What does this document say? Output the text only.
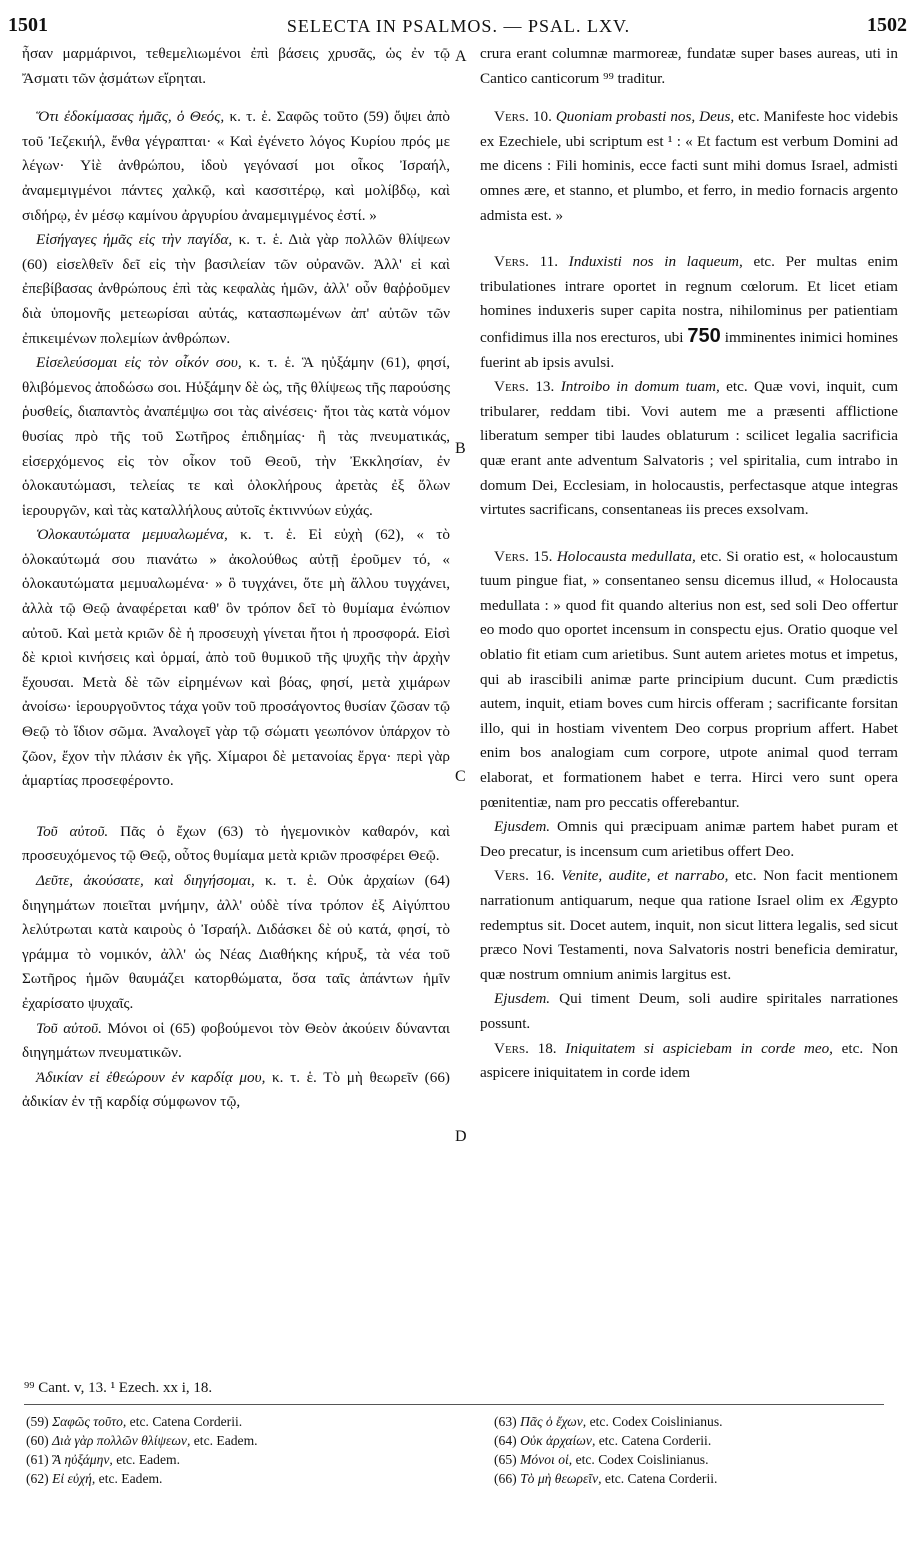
1501	SELECTA IN PSALMOS. — PSAL. LXV.	1502
A
B
C
D

ἦσαν μαρμάρινοι, τεθεμελιωμένοι ἐπὶ βάσεις χρυσᾶς, ὡς ἐν τῷ Ἄσματι τῶν ᾀσμάτων εἴρηται.

Ὅτι ἐδοκίμασας ἡμᾶς, ὁ Θεός, κ. τ. ἑ. Σαφῶς τοῦτο (59) ὄψει ἀπὸ τοῦ Ἰεζεκιήλ, ἔνθα γέγραπται· « Καὶ ἐγένετο λόγος Κυρίου πρός με λέγων· Υἱὲ ἀνθρώπου, ἰδοὺ γεγόνασί μοι οἶκος Ἰσραήλ, ἀναμεμιγμένοι πάντες χαλκῷ, καὶ κασσιτέρῳ, καὶ μολίβδῳ, καὶ σιδήρῳ, ἐν μέσῳ καμίνου ἀργυρίου ἀναμεμιγμένος ἐστί. »

Εἰσήγαγες ἡμᾶς εἰς τὴν παγίδα, κ. τ. ἑ. Διὰ γὰρ πολλῶν θλίψεων (60) εἰσελθεῖν δεῖ εἰς τὴν βασιλείαν τῶν οὐρανῶν. Ἀλλ' εἰ καὶ ἐπεβίβασας ἀνθρώπους ἐπὶ τὰς κεφαλὰς ἡμῶν, ἀλλ' οὖν θαῤῥοῦμεν διὰ ὑπομονῆς μετεωρίσαι αὐτάς, κατασπωμένων ἀπ' αὐτῶν τῶν ἐπικειμένων πολεμίων ἀνθρώπων.

Εἰσελεύσομαι εἰς τὸν οἶκόν σου, κ. τ. ἑ. Ἃ ηὐξάμην (61), φησί, θλιβόμενος ἀποδώσω σοι. Ηὐξάμην δὲ ὡς, τῆς θλίψεως τῆς παρούσης ῥυσθείς, διαπαντὸς ἀναπέμψω σοι τὰς αἰνέσεις· ἤτοι τὰς κατὰ νόμον θυσίας πρὸ τῆς τοῦ Σωτῆρος ἐπιδημίας· ἢ τὰς πνευματικάς, εἰσερχόμενος εἰς τὸν οἶκον τοῦ Θεοῦ, τὴν Ἐκκλησίαν, ἐν ὁλοκαυτώμασι, τελείας τε καὶ ὁλοκλήρους ἀρετὰς ἐξ ὅλων ἱερουργῶν, καὶ τὰς καταλλήλους αὐτοῖς ἐκτιννύων εὐχάς.

Ὁλοκαυτώματα μεμυαλωμένα, κ. τ. ἑ. Εἰ εὐχὴ (62), « τὸ ὁλοκαύτωμά σου πιανάτω » ἀκολούθως αὐτῇ ἐροῦμεν τό, « ὁλοκαυτώματα μεμυαλωμένα· » ὃ τυγχάνει, ὅτε μὴ ἄλλου τυγχάνει, ἀλλὰ τῷ Θεῷ ἀναφέρεται καθ' ὃν τρόπον δεῖ τὸ θυμίαμα ἐνώπιον αὐτοῦ. Καὶ μετὰ κριῶν δὲ ἡ προσευχὴ γίνεται ἤτοι ἡ προσφορά. Εἰσὶ δὲ κριοὶ κινήσεις καὶ ὁρμαί, ἀπὸ τοῦ θυμικοῦ τῆς ψυχῆς τὴν ἀρχὴν ἔχουσαι. Μετὰ δὲ τῶν εἰρημένων καὶ βόας, φησί, μετὰ χιμάρων ἀνοίσω· ἱερουργοῦντος τάχα γοῦν τοῦ προσάγοντος θυσίαν ζῶσαν τῷ Θεῷ τὸ ἴδιον σῶμα. Ἀναλογεῖ γὰρ τῷ σώματι γεωπόνον ὑπάρχον τὸ ζῶον, ἔχον τὴν πλάσιν ἐκ γῆς. Χίμαροι δὲ μετανοίας ἔργα· περὶ γὰρ ἁμαρτίας προσεφέροντο.

Τοῦ αὐτοῦ. Πᾶς ὁ ἔχων (63) τὸ ἡγεμονικὸν καθαρόν, καὶ προσευχόμενος τῷ Θεῷ, οὗτος θυμίαμα μετὰ κριῶν προσφέρει Θεῷ.

Δεῦτε, ἀκούσατε, καὶ διηγήσομαι, κ. τ. ἑ. Οὐκ ἀρχαίων (64) διηγημάτων ποιεῖται μνήμην, ἀλλ' οὐδὲ τίνα τρόπον ἐξ Αἰγύπτου λελύτρωται κατὰ καιροὺς ὁ Ἰσραήλ. Διδάσκει δὲ οὐ κατά, φησί, τὸ γράμμα τὸ νομικόν, ἀλλ' ὡς Νέας Διαθήκης κήρυξ, τὰ νέα τοῦ Σωτῆρος ἡμῶν θαυμάζει κατορθώματα, ὅσα ταῖς ἁπάντων ἡμῖν ἐχαρίσατο ψυχαῖς.

Τοῦ αὐτοῦ. Μόνοι οἱ (65) φοβούμενοι τὸν Θεὸν ἀκούειν δύνανται διηγημάτων πνευματικῶν.

Ἀδικίαν εἰ ἐθεώρουν ἐν καρδίᾳ μου, κ. τ. ἑ. Τὸ μὴ θεωρεῖν (66) ἀδικίαν ἐν τῇ καρδίᾳ σύμφωνον τῷ,

crura erant columnæ marmoreæ, fundatæ super bases aureas, uti in Cantico canticorum ⁹⁹ traditur.

Vers. 10. Quoniam probasti nos, Deus, etc. Manifeste hoc videbis ex Ezechiele, ubi scriptum est ¹ : « Et factum est verbum Domini ad me dicens : Fili hominis, ecce facti sunt mihi domus Israel, admisti omnes ære, et stanno, et plumbo, et ferro, in medio fornacis argento admista est. »

Vers. 11. Induxisti nos in laqueum, etc. Per multas enim tribulationes intrare oportet in regnum cœlorum. Et licet etiam homines induxeris super capita nostra, nihilominus per patientiam confidimus illa nos erecturos, ubi 750 imminentes inimici homines fuerint ab ipsis avulsi.

Vers. 13. Introibo in domum tuam, etc. Quæ vovi, inquit, cum tribularer, reddam tibi. Vovi autem me a præsenti afflictione liberatum semper tibi laudes oblaturum : scilicet legalia sacrificia quæ erant ante adventum Salvatoris ; vel spiritalia, cum intrabo in domum Dei, Ecclesiam, in holocaustis, perfectasque atque integras virtutes sacrificans, consentaneas iis preces exsolvam.

Vers. 15. Holocausta medullata, etc. Si oratio est, « holocaustum tuum pingue fiat, » consentaneo sensu dicemus illud, « Holocausta medullata : » quod fit quando alterius non est, sed soli Deo offertur eo modo quo oportet incensum in conspectu ejus. Oratio quoque vel oblatio fit etiam cum arietibus. Sunt autem arietes motus et impetus, qui ab irascibili animæ parte principium ducunt. Cum prædictis autem, inquit, etiam boves cum hircis offeram ; sacrificante forsitan illo, qui in hostiam viventem Deo corpus proprium affert. Habet enim bos analogiam cum corpore, utpote animal quod terram elaborat, et formationem habet e terra. Hirci vero sunt opera pœnitentiæ, nam pro peccatis offerebantur.

Ejusdem. Omnis qui præcipuam animæ partem habet puram et Deo precatur, is incensum cum arietibus offert Deo.

Vers. 16. Venite, audite, et narrabo, etc. Non facit mentionem narrationum antiquarum, neque qua ratione Israel olim ex Ægypto redemptus sit. Docet autem, inquit, non sicut littera legalis, sed sicut præco Novi Testamenti, nova Salvatoris nostri beneficia demiratur, quæ nostrum omnium animis largitus est.

Ejusdem. Qui timent Deum, soli audire spiritales narrationes possunt.

Vers. 18. Iniquitatem si aspiciebam in corde meo, etc. Non aspicere iniquitatem in corde idem

⁹⁹ Cant. v, 13. ¹ Ezech. xx i, 18.
(59) Σαφῶς τοῦτο, etc. Catena Corderii.
(60) Διὰ γὰρ πολλῶν θλίψεων, etc. Eadem.
(61) Ἃ ηὐξάμην, etc. Eadem.
(62) Εἰ εὐχή, etc. Eadem.
(63) Πᾶς ὁ ἔχων, etc. Codex Coislinianus.
(64) Οὐκ ἀρχαίων, etc. Catena Corderii.
(65) Μόνοι οἱ, etc. Codex Coislinianus.
(66) Τὸ μὴ θεωρεῖν, etc. Catena Corderii.
